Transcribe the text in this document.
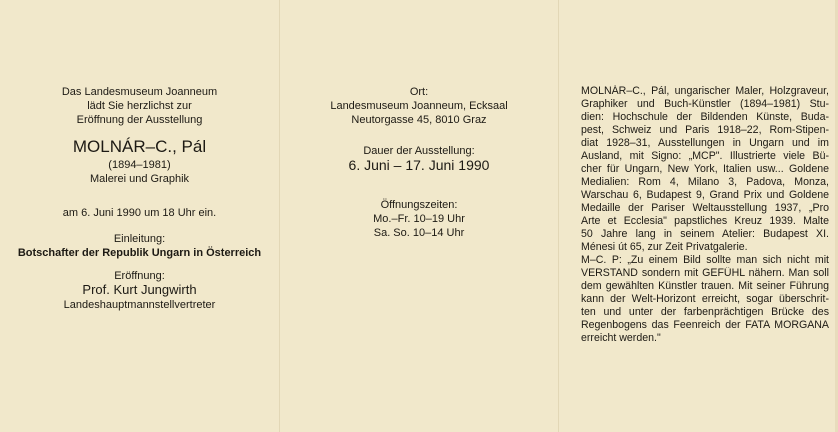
Das Landesmuseum Joanneum
lädt Sie herzlichst zur
Eröffnung der Ausstellung
MOLNÁR–C., Pál
(1894–1981)
Malerei und Graphik
am 6. Juni 1990 um 18 Uhr ein.
Einleitung:
Botschafter der Republik Ungarn in Österreich
Eröffnung:
Prof. Kurt Jungwirth
Landeshauptmannstellvertreter
Ort:
Landesmuseum Joanneum, Ecksaal
Neutorgasse 45, 8010 Graz
Dauer der Ausstellung:
6. Juni – 17. Juni 1990
Öffnungszeiten:
Mo.–Fr. 10–19 Uhr
Sa. So. 10–14 Uhr
MOLNÁR–C., Pál, ungarischer Maler, Holzgraveur,
Graphiker und Buch-Künstler (1894–1981) Stu-
dien: Hochschule der Bildenden Künste, Buda-
pest, Schweiz und Paris 1918–22, Rom-Stipen-
diat 1928–31, Ausstellungen in Ungarn und im
Ausland, mit Signo: „MCP". Illustrierte viele Bü-
cher für Ungarn, New York, Italien usw... Goldene
Medialien: Rom 4, Milano 3, Padova, Monza,
Warschau 6, Budapest 9, Grand Prix und Goldene
Medaille der Pariser Weltausstellung 1937, „Pro
Arte et Ecclesia" papstliches Kreuz 1939. Malte
50 Jahre lang in seinem Atelier: Budapest XI.
Ménesi út 65, zur Zeit Privatgalerie.
M–C. P: „Zu einem Bild sollte man sich nicht mit
VERSTAND sondern mit GEFÜHL nähern. Man soll
dem gewählten Künstler trauen. Mit seiner Führung
kann der Welt-Horizont erreicht, sogar überschrit-
ten und unter der farbenprächtigen Brücke des
Regenbogens das Feenreich der FATA MORGANA
erreicht werden."
